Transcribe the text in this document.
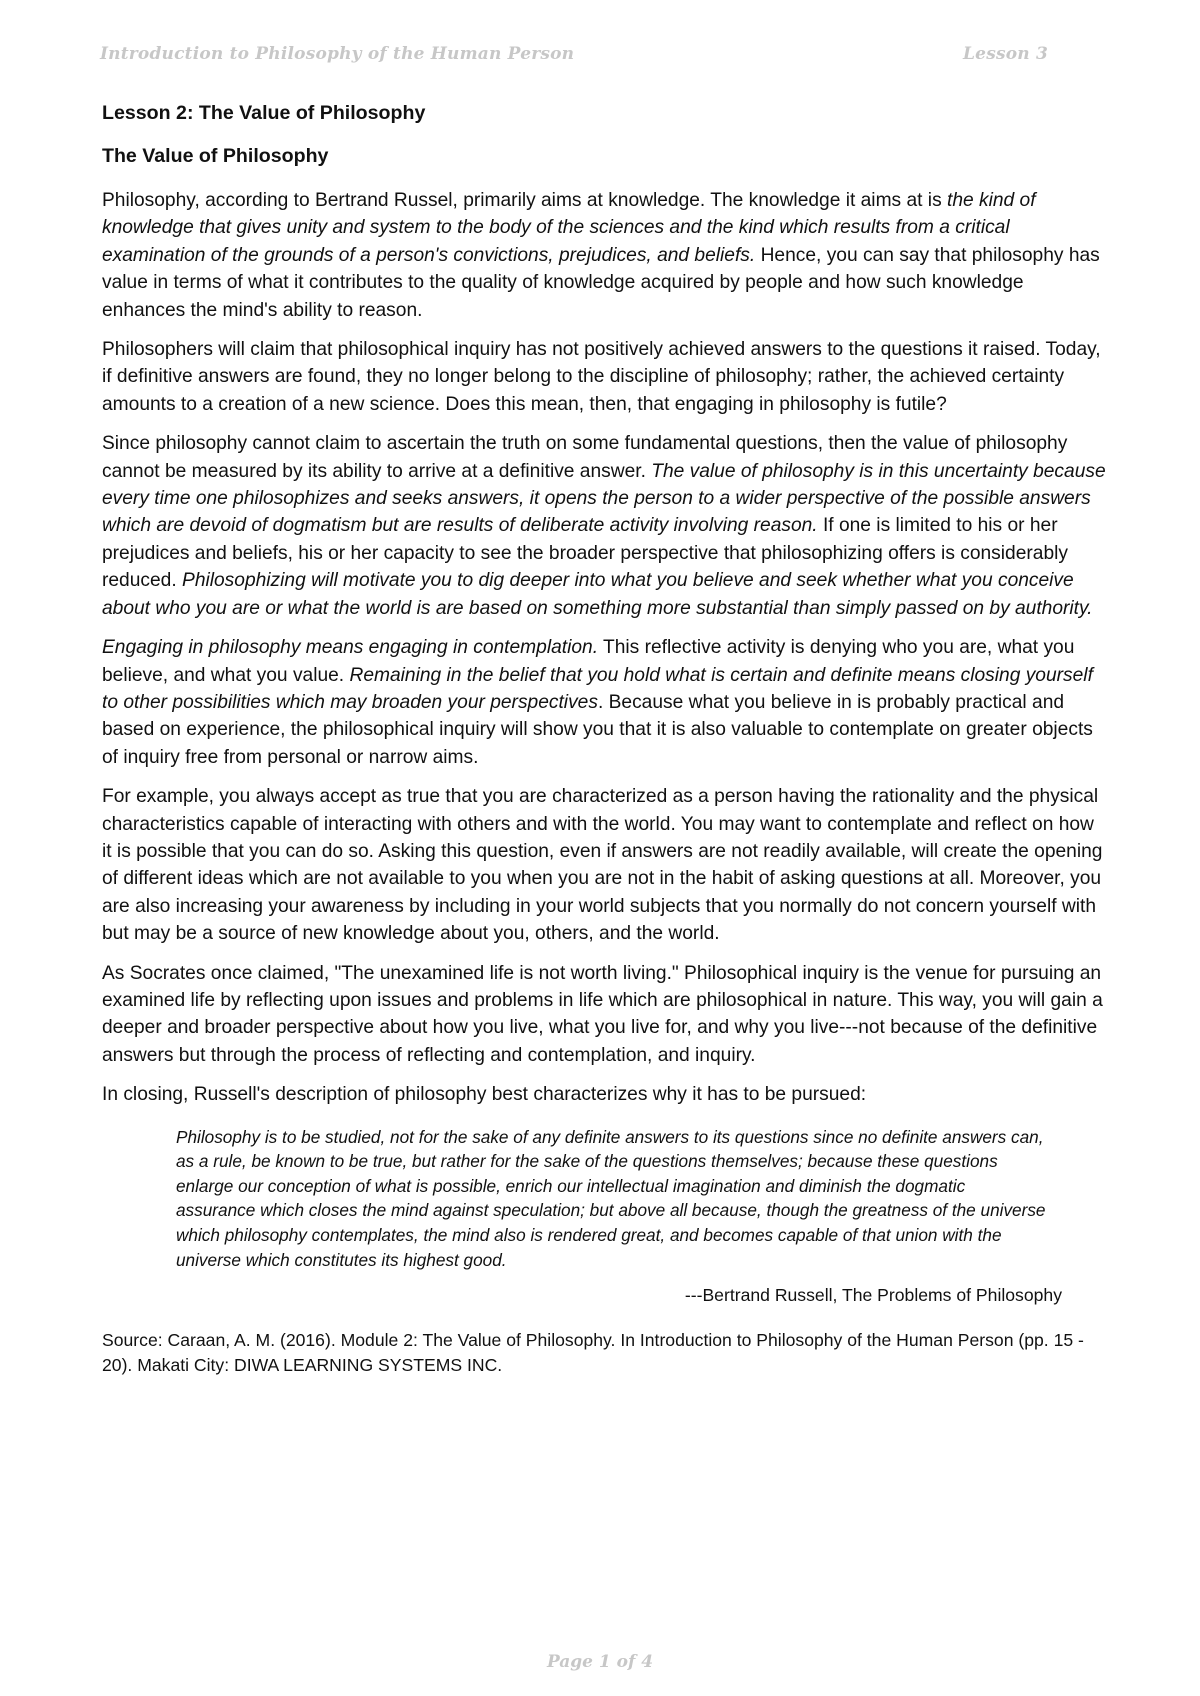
Introduction to Philosophy of the Human Person	Lesson 3
Lesson 2: The Value of Philosophy
The Value of Philosophy

Philosophy, according to Bertrand Russel, primarily aims at knowledge. The knowledge it aims at is the kind of knowledge that gives unity and system to the body of the sciences and the kind which results from a critical examination of the grounds of a person's convictions, prejudices, and beliefs. Hence, you can say that philosophy has value in terms of what it contributes to the quality of knowledge acquired by people and how such knowledge enhances the mind's ability to reason.

Philosophers will claim that philosophical inquiry has not positively achieved answers to the questions it raised. Today, if definitive answers are found, they no longer belong to the discipline of philosophy; rather, the achieved certainty amounts to a creation of a new science. Does this mean, then, that engaging in philosophy is futile?

Since philosophy cannot claim to ascertain the truth on some fundamental questions, then the value of philosophy cannot be measured by its ability to arrive at a definitive answer. The value of philosophy is in this uncertainty because every time one philosophizes and seeks answers, it opens the person to a wider perspective of the possible answers which are devoid of dogmatism but are results of deliberate activity involving reason. If one is limited to his or her prejudices and beliefs, his or her capacity to see the broader perspective that philosophizing offers is considerably reduced. Philosophizing will motivate you to dig deeper into what you believe and seek whether what you conceive about who you are or what the world is are based on something more substantial than simply passed on by authority.

Engaging in philosophy means engaging in contemplation. This reflective activity is denying who you are, what you believe, and what you value. Remaining in the belief that you hold what is certain and definite means closing yourself to other possibilities which may broaden your perspectives. Because what you believe in is probably practical and based on experience, the philosophical inquiry will show you that it is also valuable to contemplate on greater objects of inquiry free from personal or narrow aims.

For example, you always accept as true that you are characterized as a person having the rationality and the physical characteristics capable of interacting with others and with the world. You may want to contemplate and reflect on how it is possible that you can do so. Asking this question, even if answers are not readily available, will create the opening of different ideas which are not available to you when you are not in the habit of asking questions at all. Moreover, you are also increasing your awareness by including in your world subjects that you normally do not concern yourself with but may be a source of new knowledge about you, others, and the world.

As Socrates once claimed, "The unexamined life is not worth living." Philosophical inquiry is the venue for pursuing an examined life by reflecting upon issues and problems in life which are philosophical in nature. This way, you will gain a deeper and broader perspective about how you live, what you live for, and why you live---not because of the definitive answers but through the process of reflecting and contemplation, and inquiry.

In closing, Russell's description of philosophy best characterizes why it has to be pursued:

Philosophy is to be studied, not for the sake of any definite answers to its questions since no definite answers can, as a rule, be known to be true, but rather for the sake of the questions themselves; because these questions enlarge our conception of what is possible, enrich our intellectual imagination and diminish the dogmatic assurance which closes the mind against speculation; but above all because, though the greatness of the universe which philosophy contemplates, the mind also is rendered great, and becomes capable of that union with the universe which constitutes its highest good.
---Bertrand Russell, The Problems of Philosophy

Source: Caraan, A. M. (2016). Module 2: The Value of Philosophy. In Introduction to Philosophy of the Human Person (pp. 15 - 20). Makati City: DIWA LEARNING SYSTEMS INC.

Page 1 of 4
